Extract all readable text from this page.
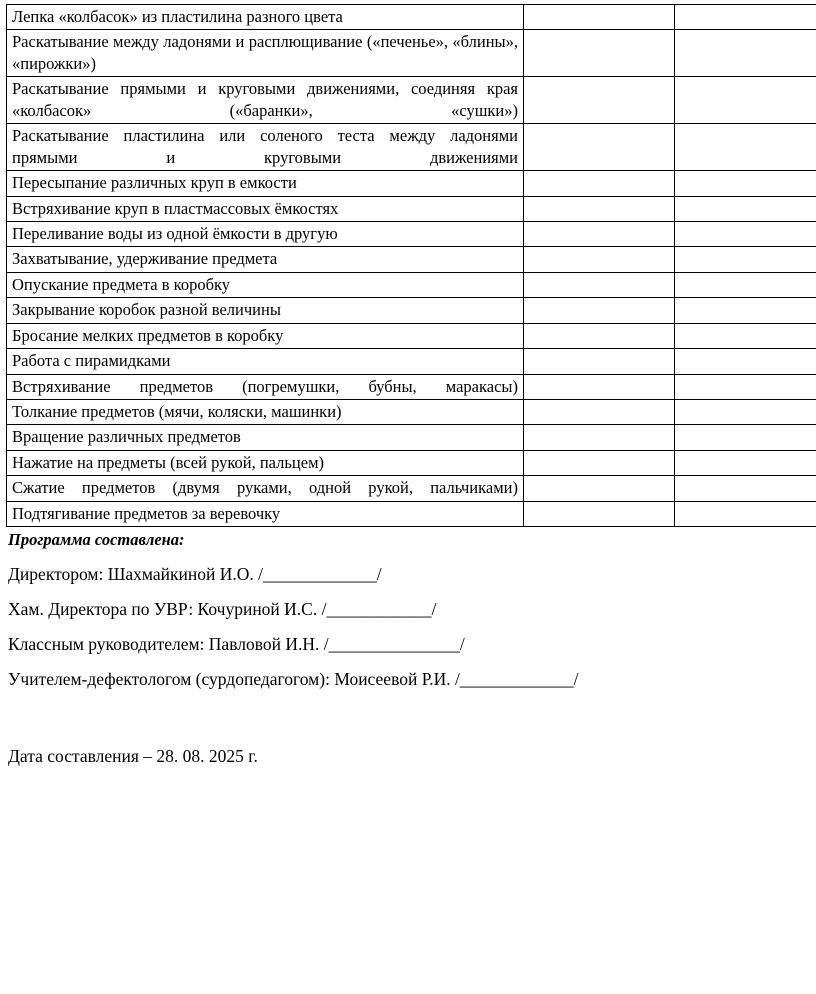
Лепка «колбасок» из пластилина разного цвета		
Раскатывание между ладонями и расплющивание («печенье», «блины», «пирожки»)		
Раскатывание прямыми и круговыми движениями, соединяя края «колбасок» («баранки», «сушки»)		
Раскатывание пластилина или соленого теста между ладонями прямыми и круговыми движениями		
Пересыпание различных круп в емкости		
Встряхивание круп в пластмассовых ёмкостях		
Переливание воды из одной ёмкости в другую		
Захватывание, удерживание предмета		
Опускание предмета в коробку		
Закрывание коробок разной величины		
Бросание мелких предметов в коробку		
Работа с пирамидками		
Встряхивание предметов (погремушки, бубны, маракасы)		
Толкание предметов (мячи, коляски, машинки)		
Вращение различных предметов		
Нажатие на предметы (всей рукой, пальцем)		
Сжатие предметов (двумя руками, одной рукой, пальчиками)		
Подтягивание предметов за веревочку		
Программа составлена:
Директором: Шахмайкиной И.О. /_____________/
Хам. Директора по УВР: Кочуриной И.С. /____________/
Классным руководителем: Павловой И.Н. /_______________/
Учителем-дефектологом (сурдопедагогом): Моисеевой Р.И. /_____________/
Дата составления – 28. 08. 2025 г.
